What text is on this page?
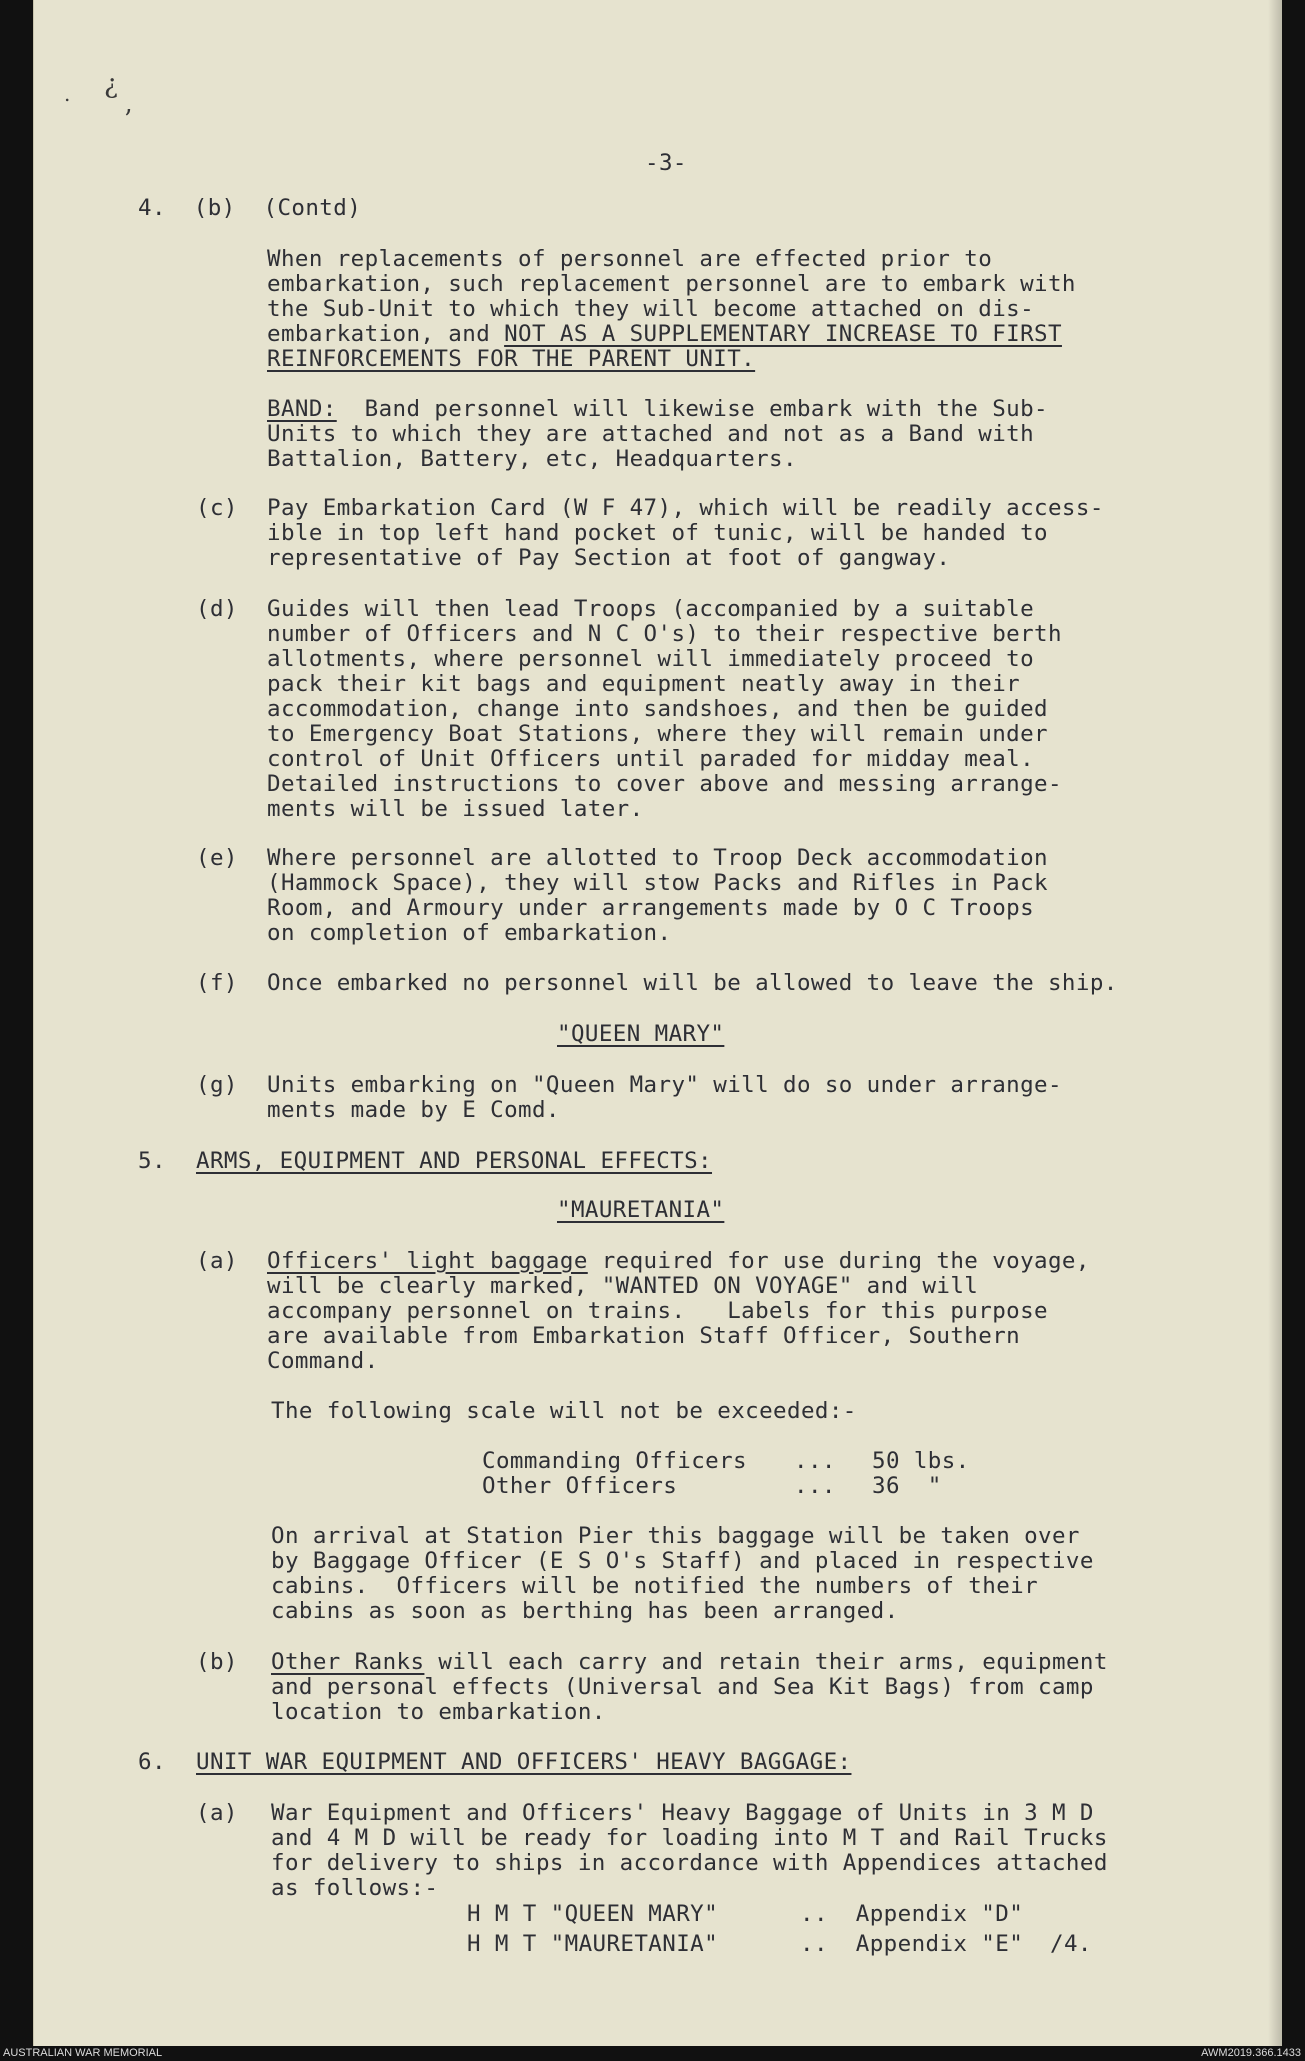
¿
.
’
-3-
4.  (b)  (Contd)
When replacements of personnel are effected prior to
embarkation, such replacement personnel are to embark with
the Sub-Unit to which they will become attached on dis-
embarkation, and NOT AS A SUPPLEMENTARY INCREASE TO FIRST
REINFORCEMENTS FOR THE PARENT UNIT.
BAND:  Band personnel will likewise embark with the Sub-
Units to which they are attached and not as a Band with
Battalion, Battery, etc, Headquarters.
(c) Pay Embarkation Card (W F 47), which will be readily access-
ible in top left hand pocket of tunic, will be handed to
representative of Pay Section at foot of gangway.
(d) Guides will then lead Troops (accompanied by a suitable
number of Officers and N C O's) to their respective berth
allotments, where personnel will immediately proceed to
pack their kit bags and equipment neatly away in their
accommodation, change into sandshoes, and then be guided
to Emergency Boat Stations, where they will remain under
control of Unit Officers until paraded for midday meal.
Detailed instructions to cover above and messing arrange-
ments will be issued later.
(e) Where personnel are allotted to Troop Deck accommodation
(Hammock Space), they will stow Packs and Rifles in Pack
Room, and Armoury under arrangements made by O C Troops
on completion of embarkation.
(f) Once embarked no personnel will be allowed to leave the ship.
"QUEEN MARY"
(g) Units embarking on "Queen Mary" will do so under arrange-
ments made by E Comd.
5. ARMS, EQUIPMENT AND PERSONAL EFFECTS:
"MAURETANIA"
(a) Officers' light baggage required for use during the voyage,
will be clearly marked, "WANTED ON VOYAGE" and will
accompany personnel on trains.   Labels for this purpose
are available from Embarkation Staff Officer, Southern
Command.
The following scale will not be exceeded:-
Commanding Officers ... 50 lbs.
Other Officers	... 36  "
On arrival at Station Pier this baggage will be taken over
by Baggage Officer (E S O's Staff) and placed in respective
cabins.  Officers will be notified the numbers of their
cabins as soon as berthing has been arranged.
(b) Other Ranks will each carry and retain their arms, equipment
and personal effects (Universal and Sea Kit Bags) from camp
location to embarkation.
6. UNIT WAR EQUIPMENT AND OFFICERS' HEAVY BAGGAGE:
(a) War Equipment and Officers' Heavy Baggage of Units in 3 M D
and 4 M D will be ready for loading into M T and Rail Trucks
for delivery to ships in accordance with Appendices attached
as follows:-
H M T "QUEEN MARY"	..  Appendix "D"
H M T "MAURETANIA"	..  Appendix "E" /4.
AUSTRALIAN WAR MEMORIAL	AWM2019.366.1433
